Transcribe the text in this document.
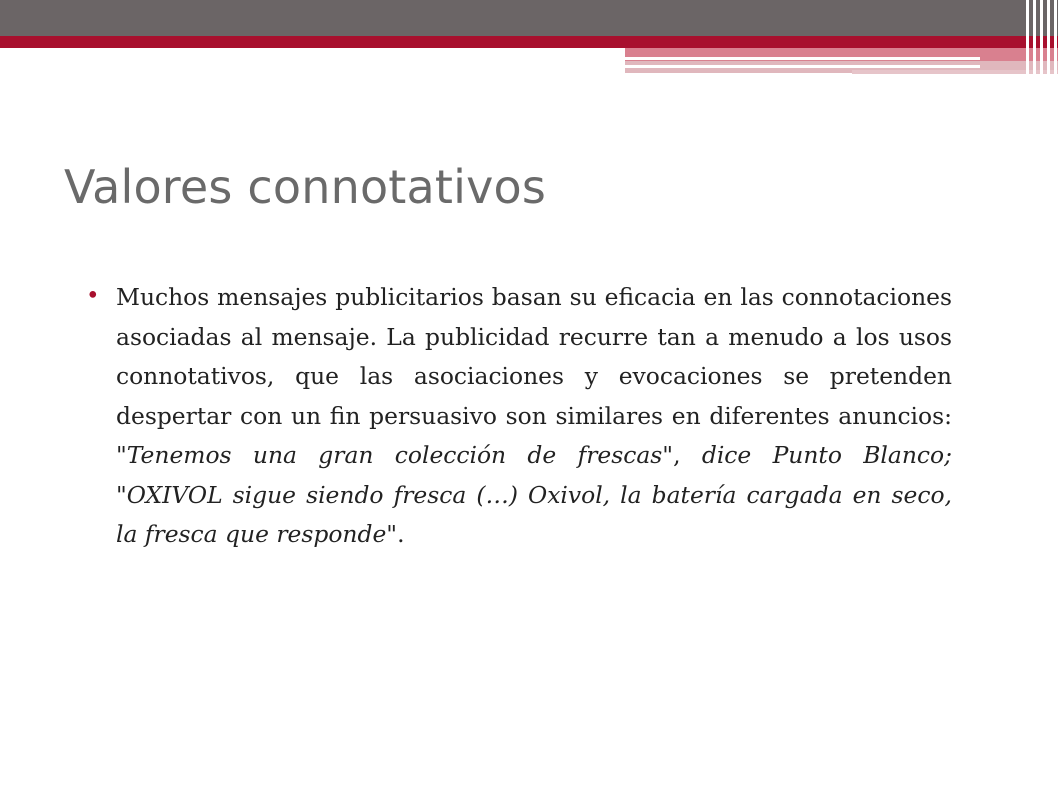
Valores connotativos
• Muchos mensajes publicitarios basan su eficacia en las connotaciones asociadas al mensaje. La publicidad recurre tan a menudo a los usos connotativos, que las asociaciones y evocaciones se pretenden despertar con un fin persuasivo son similares en diferentes anuncios: "Tenemos una gran colección de frescas", dice Punto Blanco; "OXIVOL sigue siendo fresca (…) Oxivol, la batería cargada en seco, la fresca que responde".
